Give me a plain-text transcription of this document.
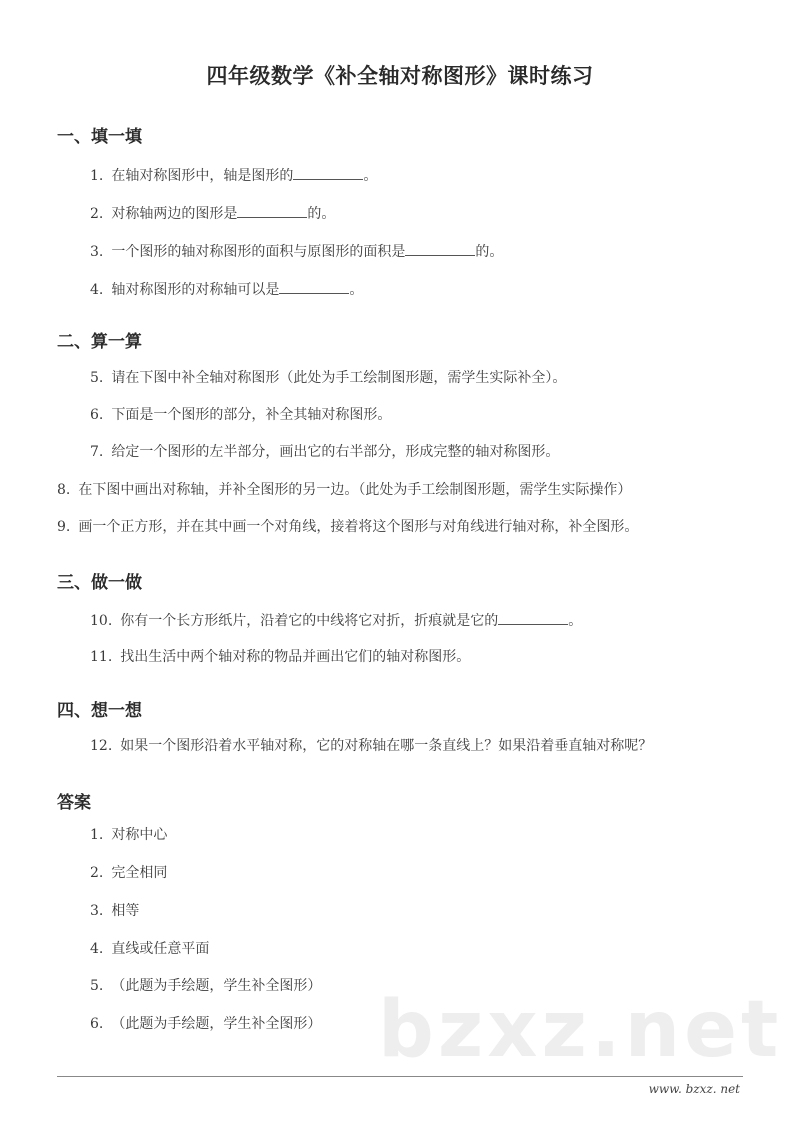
四年级数学《补全轴对称图形》课时练习
一、填一填
1. 在轴对称图形中，轴是图形的	。
2. 对称轴两边的图形是	的。
3. 一个图形的轴对称图形的面积与原图形的面积是	的。
4. 轴对称图形的对称轴可以是	。
二、算一算
5. 请在下图中补全轴对称图形（此处为手工绘制图形题，需学生实际补全）。
6. 下面是一个图形的部分，补全其轴对称图形。
7. 给定一个图形的左半部分，画出它的右半部分，形成完整的轴对称图形。
8. 在下图中画出对称轴，并补全图形的另一边。（此处为手工绘制图形题，需学生实际操作）
9. 画一个正方形，并在其中画一个对角线，接着将这个图形与对角线进行轴对称，补全图形。
三、做一做
10. 你有一个长方形纸片，沿着它的中线将它对折，折痕就是它的	。
11. 找出生活中两个轴对称的物品并画出它们的轴对称图形。
四、想一想
12. 如果一个图形沿着水平轴对称，它的对称轴在哪一条直线上？如果沿着垂直轴对称呢？
答案
1. 对称中心
2. 完全相同
3. 相等
4. 直线或任意平面
5. （此题为手绘题，学生补全图形）
6. （此题为手绘题，学生补全图形） bzxz.net
www. bzxz. net
